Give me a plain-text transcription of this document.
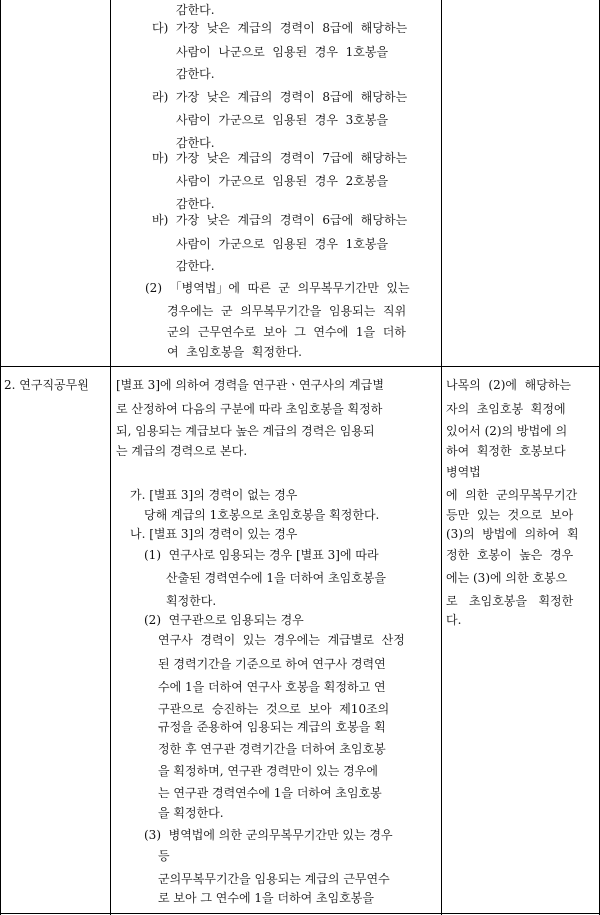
감한다.
다)  가장  낮은  계급의  경력이  8급에  해당하는
사람이  나군으로  임용된  경우  1호봉을
감한다.
라)  가장  낮은  계급의  경력이  8급에  해당하는
사람이  가군으로  임용된  경우  3호봉을
감한다.
마)  가장  낮은  계급의  경력이  7급에  해당하는
사람이  가군으로  임용된  경우  2호봉을
감한다.
바)  가장  낮은  계급의  경력이  6급에  해당하는
사람이  가군으로  임용된  경우  1호봉을
감한다.
(2)  「병역법」에  따른  군  의무복무기간만  있는
경우에는  군  의무복무기간을  임용되는  직위
군의  근무연수로  보아  그  연수에  1을  더하
여  초임호봉을  획정한다.
2. 연구직공무원 [별표 3]에 의하여 경력을 연구관ㆍ연구사의 계급별
로 산정하여 다음의 구분에 따라 초임호봉을 획정하
되, 임용되는 계급보다 높은 계급의 경력은 임용되
는 계급의 경력으로 본다.
가. [별표 3]의 경력이 없는 경우
당해 계급의 1호봉으로 초임호봉을 획정한다.
나. [별표 3]의 경력이 있는 경우
(1)  연구사로 임용되는 경우 [별표 3]에 따라
산출된 경력연수에 1을 더하여 초임호봉을
획정한다.
(2)  연구관으로 임용되는 경우
연구사  경력이  있는  경우에는  계급별로  산정
된 경력기간을 기준으로 하여 연구사 경력연
수에 1을 더하여 연구사 호봉을 획정하고 연
구관으로  승진하는  것으로  보아  제10조의
규정을 준용하여 임용되는 계급의 호봉을 획
정한 후 연구관 경력기간을 더하여 초임호봉
을 획정하며, 연구관 경력만이 있는 경우에
는 연구관 경력연수에 1을 더하여 초임호봉
을 획정한다.
(3)  병역법에 의한 군의무복무기간만 있는 경우
등
군의무복무기간을 임용되는 계급의 근무연수
로 보아 그 연수에 1을 더하여 초임호봉을
나목의  (2)에  해당하는
자의  초임호봉  획정에
있어서 (2)의 방법에 의
하여  획정한  호봉보다
병역법
에  의한  군의무복무기간
등만  있는  것으로  보아
(3)의  방법에  의하여  획
정한  호봉이  높은  경우
에는 (3)에 의한 호봉으
로   초임호봉을   획정한
다.
